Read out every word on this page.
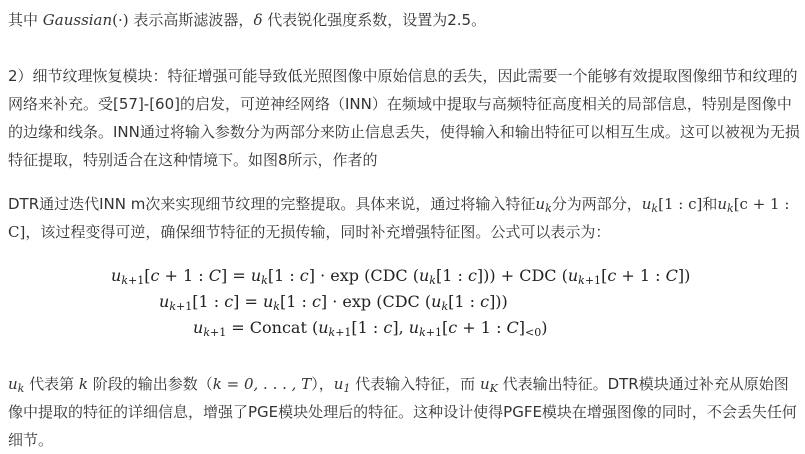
其中 Gaussian(·) 表示高斯滤波器，δ 代表锐化强度系数，设置为2.5。

2）细节纹理恢复模块：特征增强可能导致低光照图像中原始信息的丢失，因此需要一个能够有效提取图像细节和纹理的网络来补充。受[57]-[60]的启发，可逆神经网络（INN）在频域中提取与高频特征高度相关的局部信息，特别是图像中的边缘和线条。INN通过将输入参数分为两部分来防止信息丢失，使得输入和输出特征可以相互生成。这可以被视为无损特征提取，特别适合在这种情境下。如图8所示，作者的

DTR通过迭代INN m次来实现细节纹理的完整提取。具体来说，通过将输入特征$u_k$分为两部分，$u_k[1$ : c]和$u_k[c + 1$ : C]，该过程变得可逆，确保细节特征的无损传输，同时补充增强特征图。公式可以表示为：

$u_{k+1}[c + 1$ : $C] = u_k[1$ : c] · exp (CDC ($u_k[1$ : c])) + CDC ($u_{k+1}[c + 1$ : C])
$u_{k+1}[1$ : $c] = u_k[1$ : c] · exp (CDC ($u_k[1$ : c]))
$u_{k+1}$ = Concat ($u_{k+1}[1$ : c], $u_{k+1}[c + 1$ : $C]_{<0}$)

$u_k$ 代表第 k 阶段的输出参数（k = 0, . . . , T），$u_1$ 代表输入特征，而 $u_K$ 代表输出特征。DTR模块通过补充从原始图像中提取的特征的详细信息，增强了PGE模块处理后的特征。这种设计使得PGFE模块在增强图像的同时，不会丢失任何细节。
